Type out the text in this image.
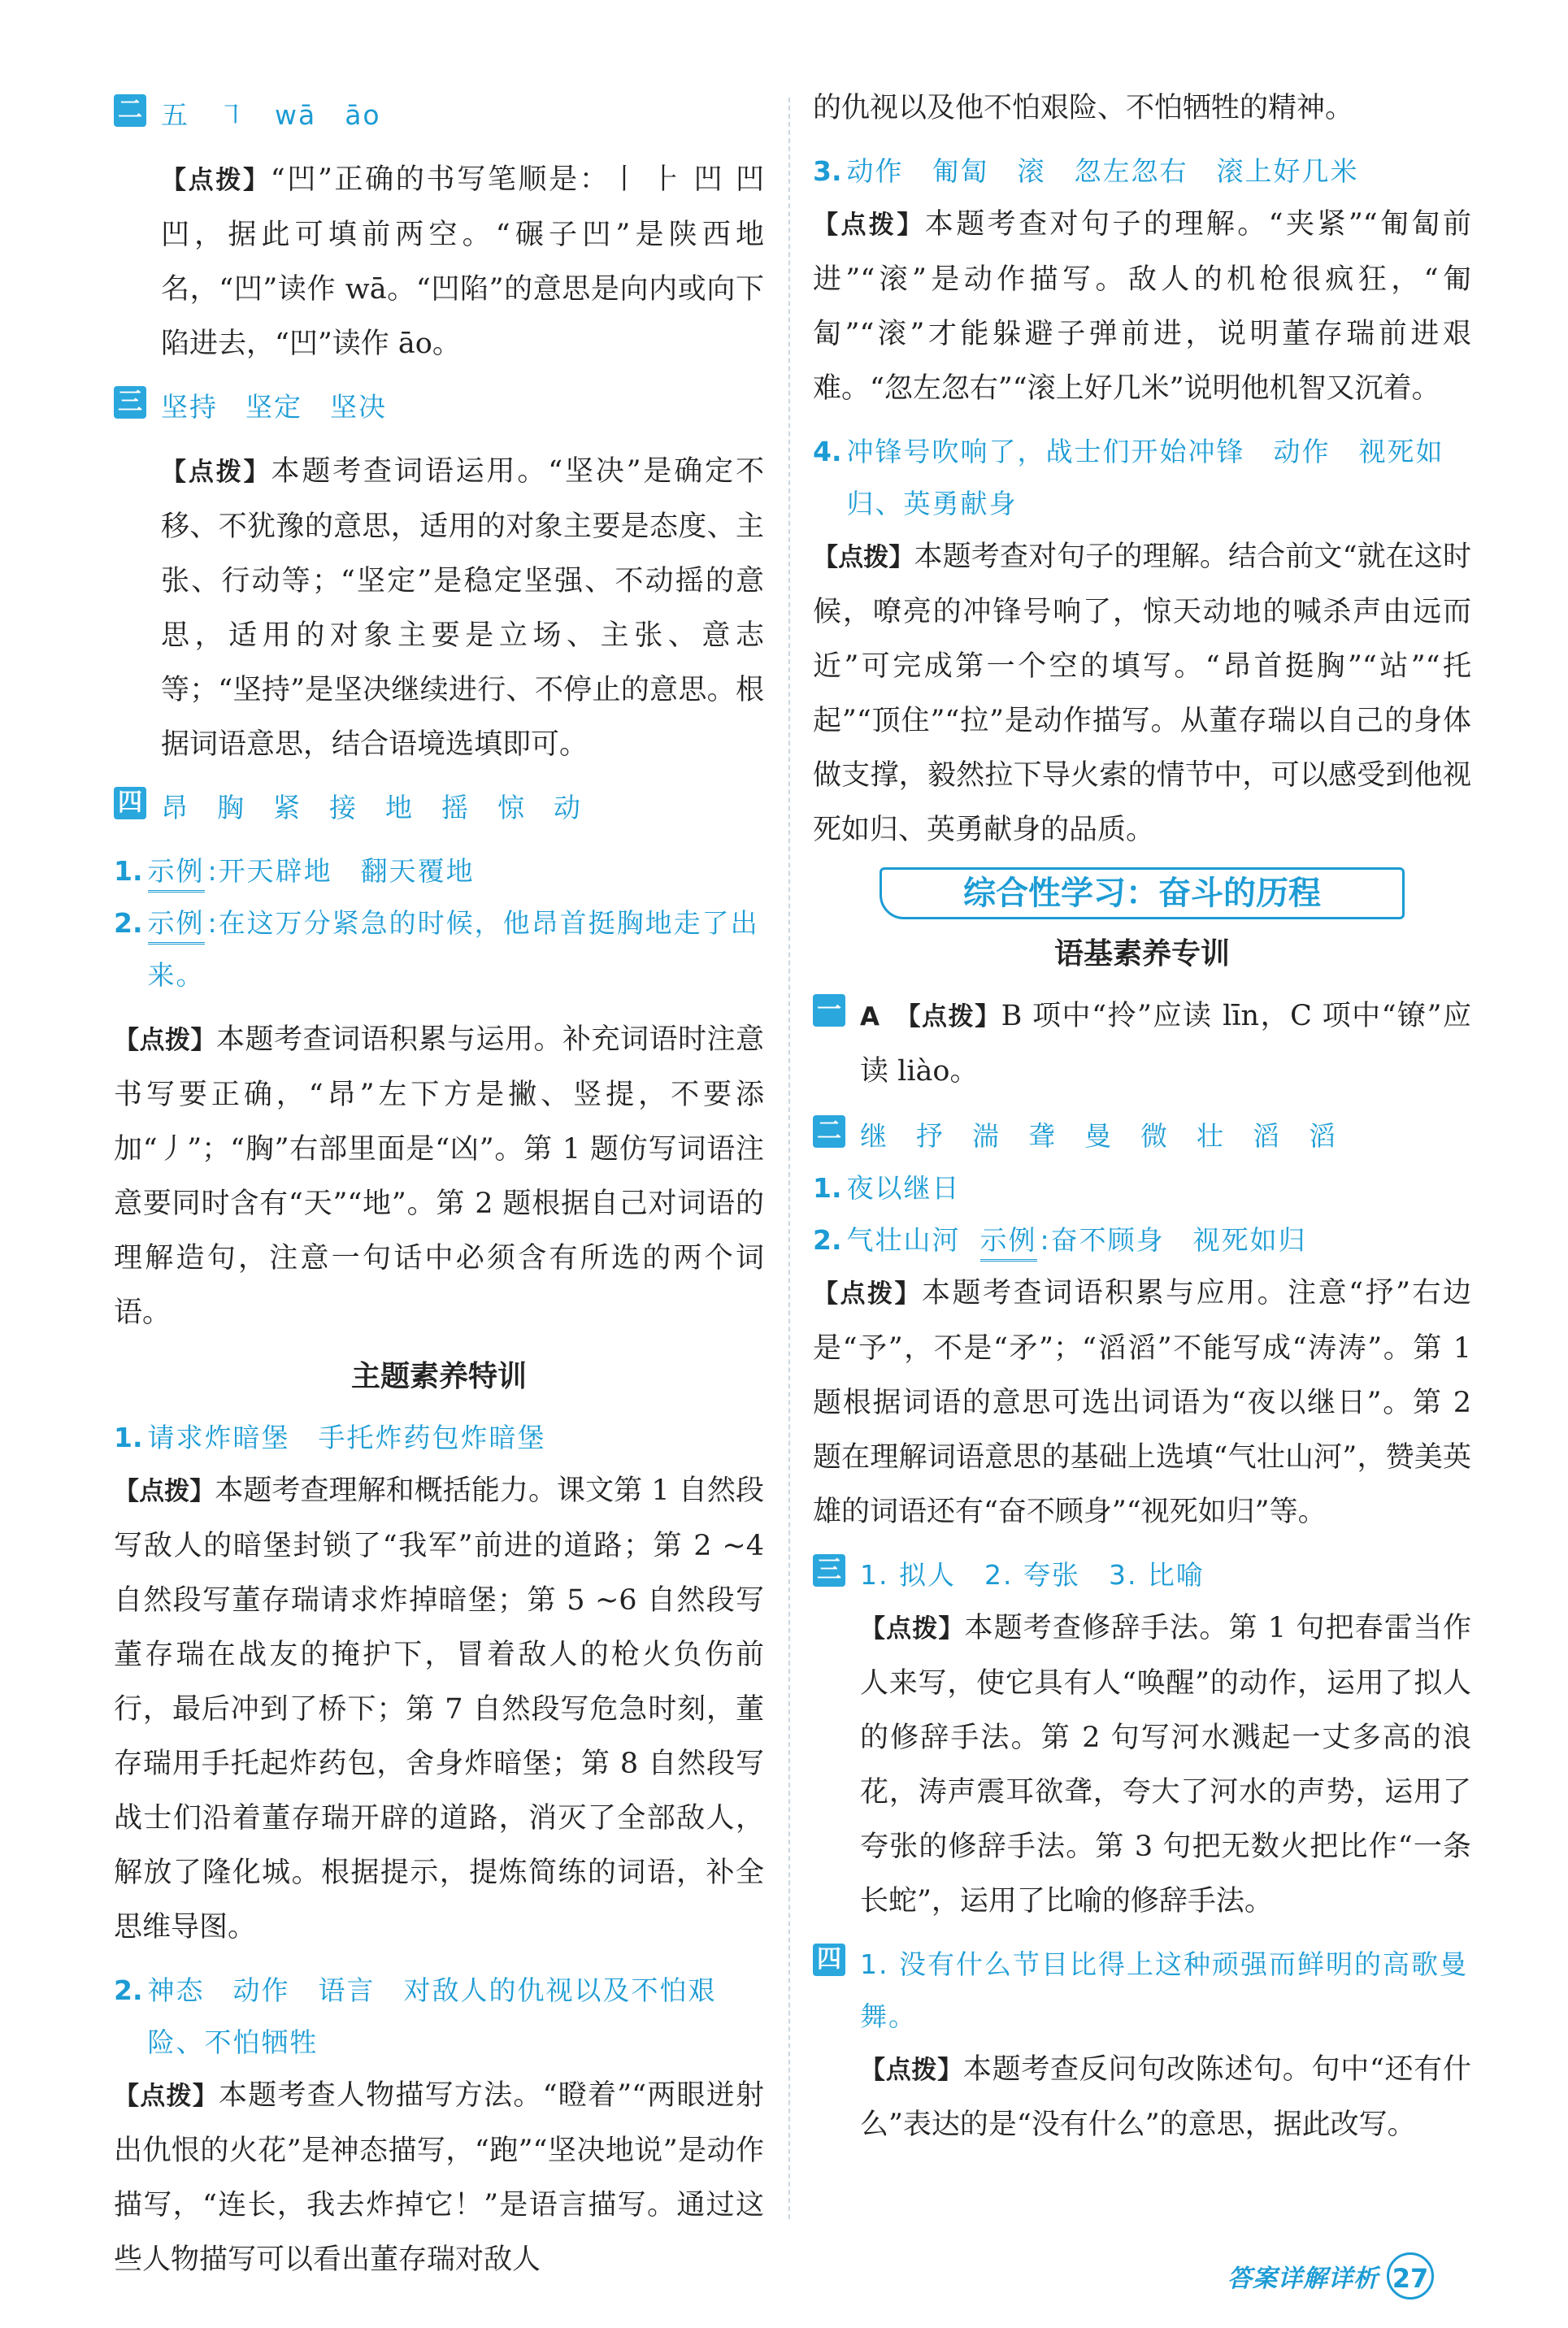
二 五　㇕　wā　āo

【点拨】“凹”正确的书写笔顺是：丨 ⺊ 凹 凹 凹，据此可填前两空。“碾子凹”是陕西地名，“凹”读作 wā。“凹陷”的意思是向内或向下陷进去，“凹”读作 āo。

三 坚持 坚定 坚决

【点拨】本题考查词语运用。“坚决”是确定不移、不犹豫的意思，适用的对象主要是态度、主张、行动等；“坚定”是稳定坚强、不动摇的意思，适用的对象主要是立场、主张、意志等；“坚持”是坚决继续进行、不停止的意思。根据词语意思，结合语境选填即可。

四 昂 胸 紧 接 地 摇 惊 动
1. 示例 :开天辟地　翻天覆地
2. 示例 :在这万分紧急的时候，他昂首挺胸地走了出来。

【点拨】本题考查词语积累与运用。补充词语时注意书写要正确，“昂”左下方是撇、竖提，不要添加“丿”；“胸”右部里面是“凶”。第 1 题仿写词语注意要同时含有“天”“地”。第 2 题根据自己对词语的理解造句，注意一句话中必须含有所选的两个词语。

主题素养特训
1. 请求炸暗堡　手托炸药包炸暗堡

【点拨】本题考查理解和概括能力。课文第 1 自然段写敌人的暗堡封锁了“我军”前进的道路；第 2 ~4 自然段写董存瑞请求炸掉暗堡；第 5 ~6 自然段写董存瑞在战友的掩护下，冒着敌人的枪火负伤前行，最后冲到了桥下；第 7 自然段写危急时刻，董存瑞用手托起炸药包，舍身炸暗堡；第 8 自然段写战士们沿着董存瑞开辟的道路，消灭了全部敌人，解放了隆化城。根据提示，提炼简练的词语，补全思维导图。

2. 神态　动作　语言　对敌人的仇视以及不怕艰险、不怕牺牲

【点拨】本题考查人物描写方法。“瞪着”“两眼迸射出仇恨的火花”是神态描写，“跑”“坚决地说”是动作描写，“连长，我去炸掉它！”是语言描写。通过这些人物描写可以看出董存瑞对敌人

的仇视以及他不怕艰险、不怕牺牲的精神。

3. 动作　匍匐　滚　忽左忽右　滚上好几米

【点拨】本题考查对句子的理解。“夹紧”“匍匐前进”“滚”是动作描写。敌人的机枪很疯狂，“匍匐”“滚”才能躲避子弹前进，说明董存瑞前进艰难。“忽左忽右”“滚上好几米”说明他机智又沉着。

4. 冲锋号吹响了，战士们开始冲锋　动作　视死如归、英勇献身

【点拨】本题考查对句子的理解。结合前文“就在这时候，嘹亮的冲锋号响了，惊天动地的喊杀声由远而近”可完成第一个空的填写。“昂首挺胸”“站”“托起”“顶住”“拉”是动作描写。从董存瑞以自己的身体做支撑，毅然拉下导火索的情节中，可以感受到他视死如归、英勇献身的品质。

综合性学习：奋斗的历程
语基素养专训
一 A 【点拨】B 项中“拎”应读 līn，C 项中“镣”应读 liào。
二 继 抒 湍 聋 曼 微 壮 滔 滔
1. 夜以继日
2. 气壮山河 示例 :奋不顾身　视死如归

【点拨】本题考查词语积累与应用。注意“抒”右边是“予”，不是“矛”；“滔滔”不能写成“涛涛”。第 1 题根据词语的意思可选出词语为“夜以继日”。第 2 题在理解词语意思的基础上选填“气壮山河”，赞美英雄的词语还有“奋不顾身”“视死如归”等。

三 1. 拟人　2. 夸张　3. 比喻

【点拨】本题考查修辞手法。第 1 句把春雷当作人来写，使它具有人“唤醒”的动作，运用了拟人的修辞手法。第 2 句写河水溅起一丈多高的浪花，涛声震耳欲聋，夸大了河水的声势，运用了夸张的修辞手法。第 3 句把无数火把比作“一条长蛇”，运用了比喻的修辞手法。

四 1. 没有什么节目比得上这种顽强而鲜明的高歌曼舞。

【点拨】本题考查反问句改陈述句。句中“还有什么”表达的是“没有什么”的意思，据此改写。

答案详解详析 27
